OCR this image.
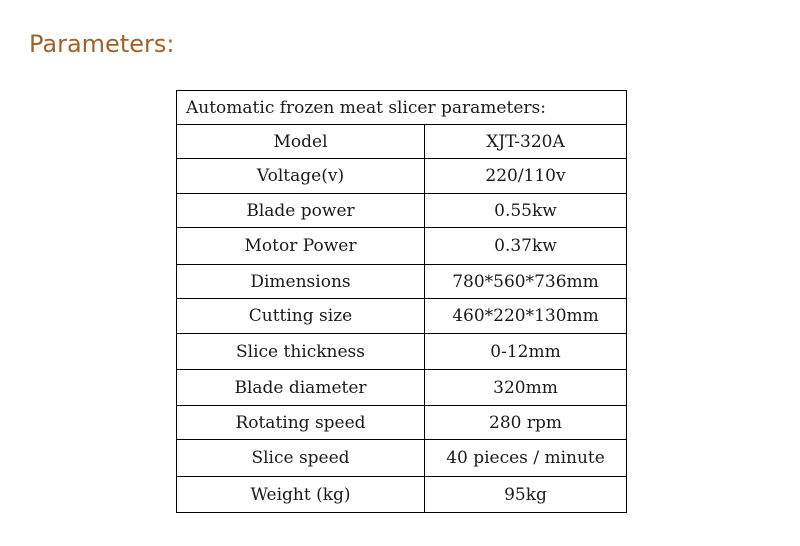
Parameters:
Automatic frozen meat slicer parameters:	
Model	XJT-320A
Voltage(v)	220/110v
Blade power	0.55kw
Motor Power	0.37kw
Dimensions	780*560*736mm
Cutting size	460*220*130mm
Slice thickness	0-12mm
Blade diameter	320mm
Rotating speed	280 rpm
Slice speed	40 pieces / minute
Weight (kg)	95kg
